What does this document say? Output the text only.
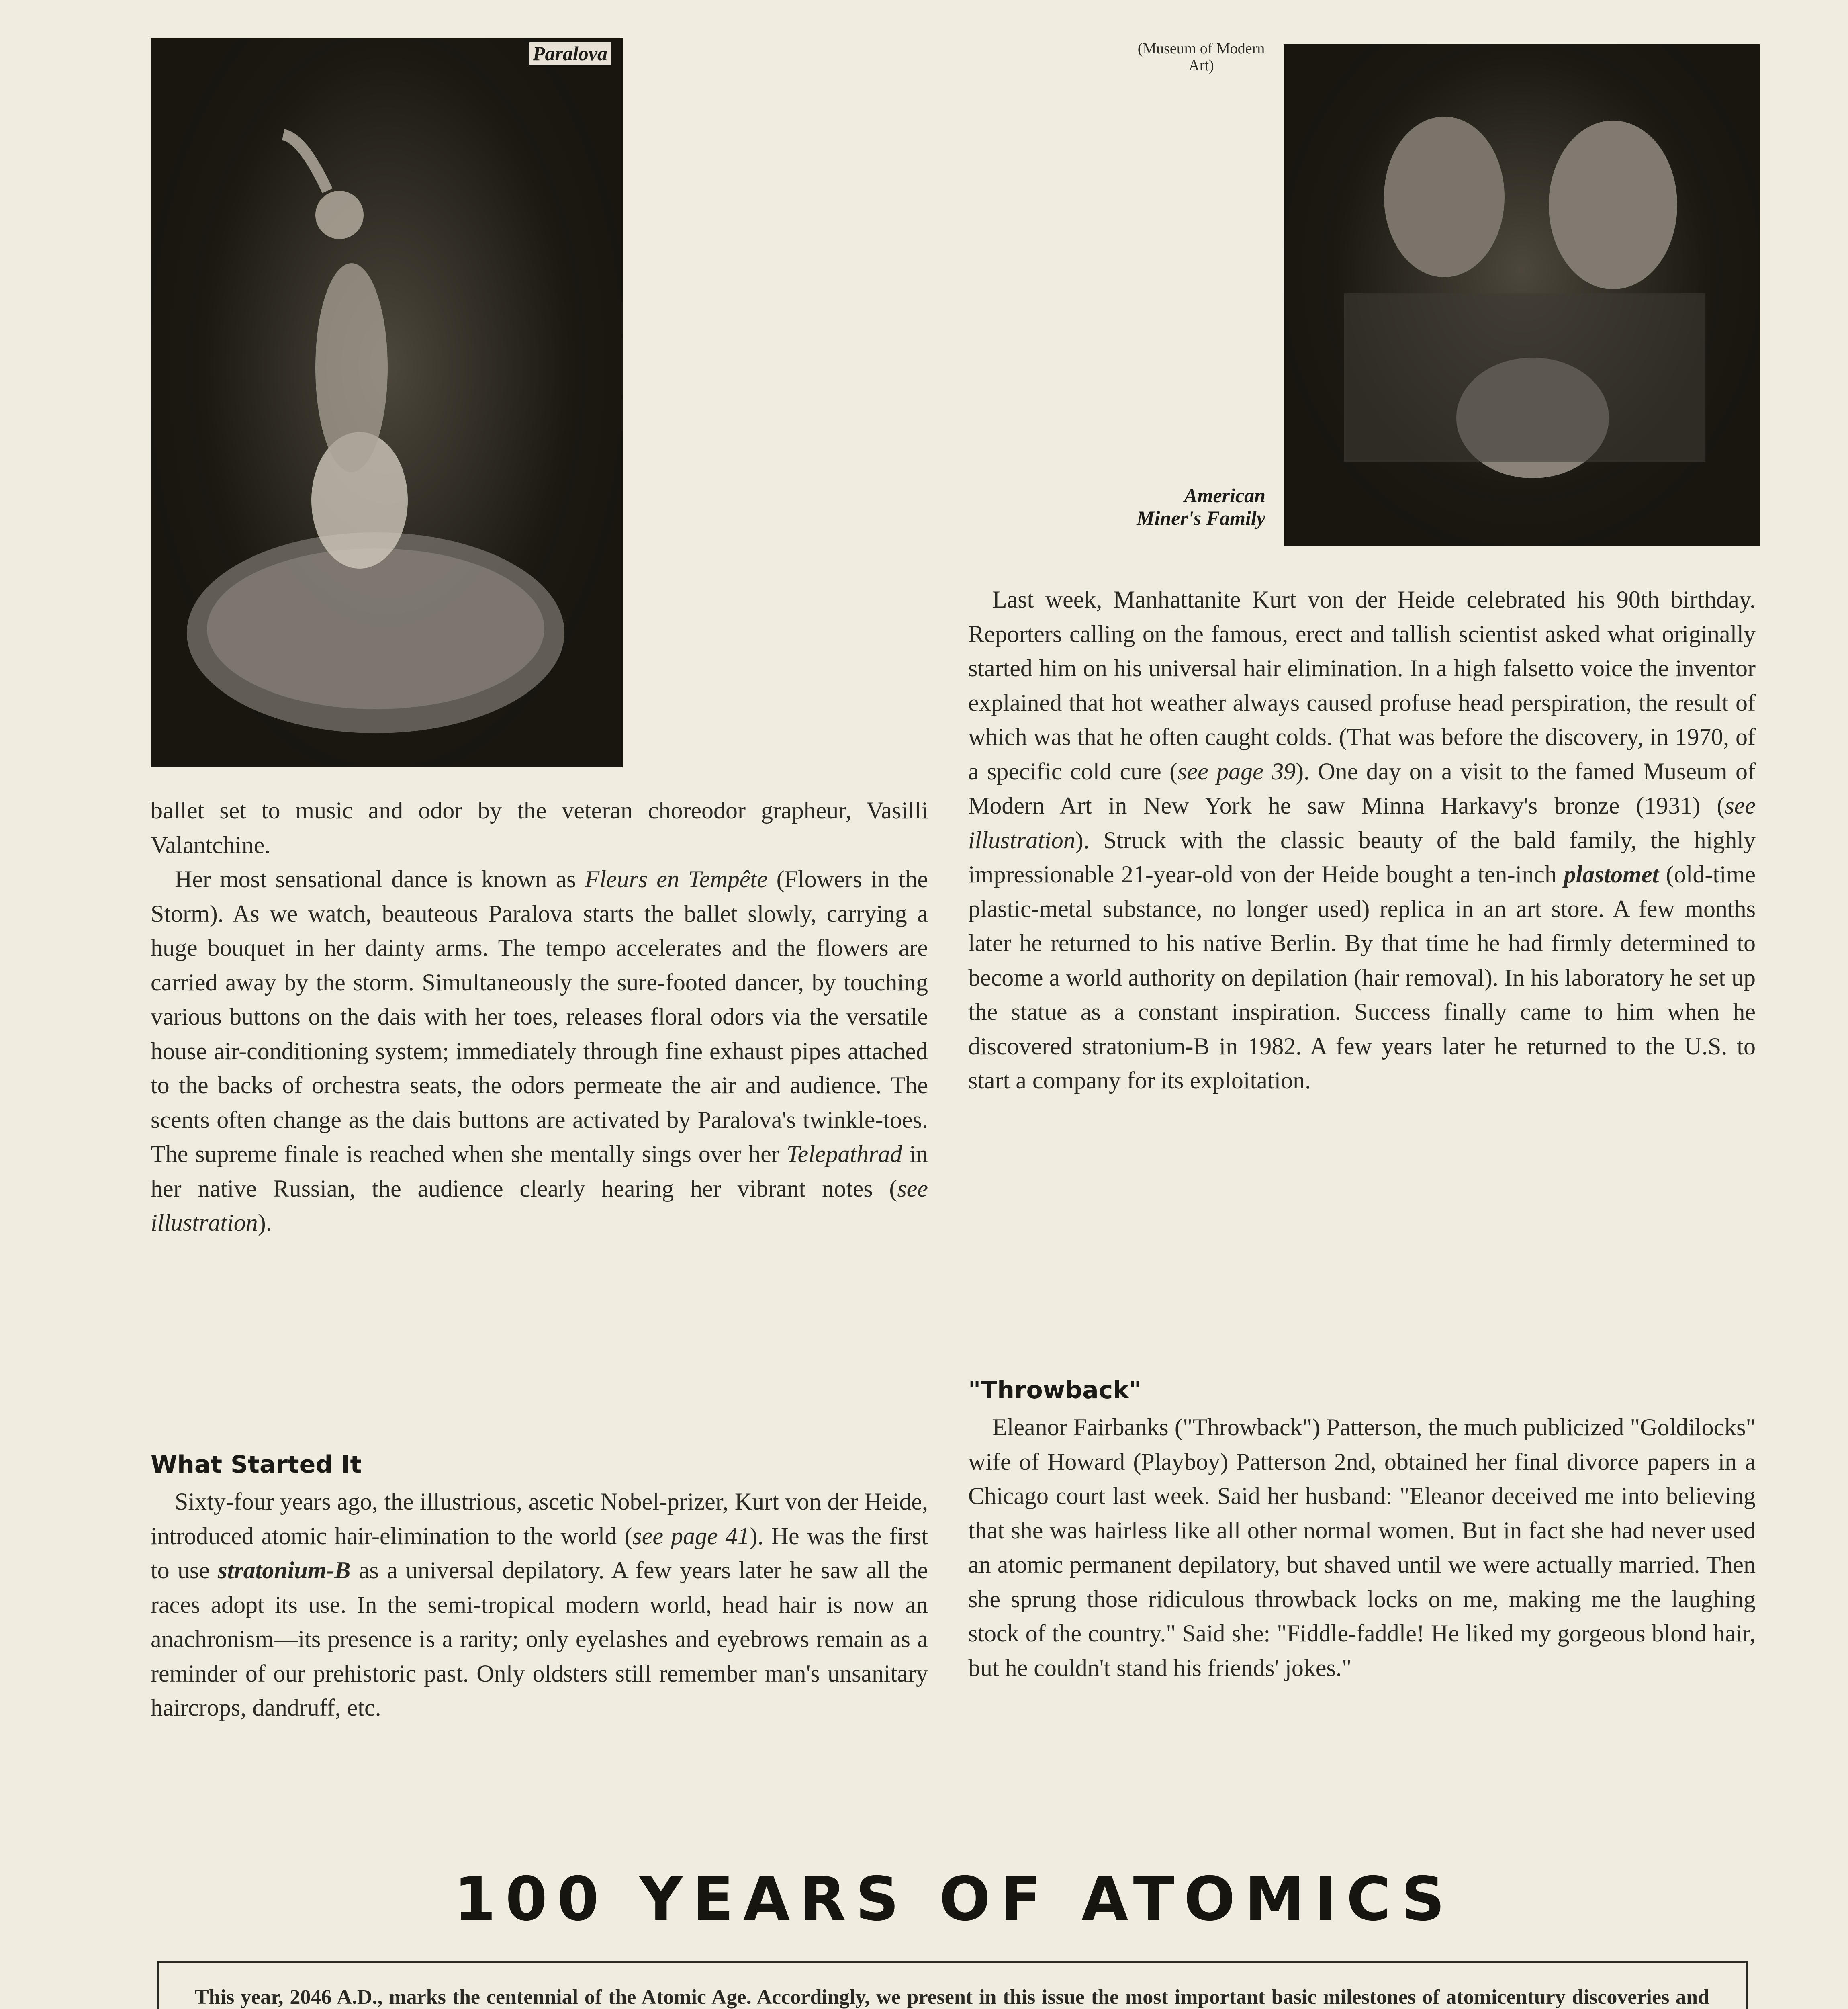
Paralova	(Museum of Modern Art)
American
Miner's Family

ballet set to music and odor by the veteran choreodor grapheur, Vasilli Valantchine.

Her most sensational dance is known as Fleurs en Tempête (Flowers in the Storm). As we watch, beauteous Paralova starts the ballet slowly, carrying a huge bouquet in her dainty arms. The tempo accelerates and the flowers are carried away by the storm. Simultaneously the sure-footed dancer, by touching various buttons on the dais with her toes, releases floral odors via the versatile house air-conditioning system; immediately through fine exhaust pipes attached to the backs of orchestra seats, the odors permeate the air and audience. The scents often change as the dais buttons are activated by Paralova's twinkle-toes. The supreme finale is reached when she mentally sings over her Telepathrad in her native Russian, the audience clearly hearing her vibrant notes (see illustration).

What Started It

Sixty-four years ago, the illustrious, ascetic Nobel-prizer, Kurt von der Heide, introduced atomic hair-elimination to the world (see page 41). He was the first to use stratonium-B as a universal depilatory. A few years later he saw all the races adopt its use. In the semi-tropical modern world, head hair is now an anachronism—its presence is a rarity; only eyelashes and eyebrows remain as a reminder of our prehistoric past. Only oldsters still remember man's unsanitary haircrops, dandruff, etc.

Last week, Manhattanite Kurt von der Heide celebrated his 90th birthday. Reporters calling on the famous, erect and tallish scientist asked what originally started him on his universal hair elimination. In a high falsetto voice the inventor explained that hot weather always caused profuse head perspiration, the result of which was that he often caught colds. (That was before the discovery, in 1970, of a specific cold cure (see page 39). One day on a visit to the famed Museum of Modern Art in New York he saw Minna Harkavy's bronze (1931) (see illustration). Struck with the classic beauty of the bald family, the highly impressionable 21-year-old von der Heide bought a ten-inch plastomet (old-time plastic-metal substance, no longer used) replica in an art store. A few months later he returned to his native Berlin. By that time he had firmly determined to become a world authority on depilation (hair removal). In his laboratory he set up the statue as a constant inspiration. Success finally came to him when he discovered stratonium-B in 1982. A few years later he returned to the U.S. to start a company for its exploitation.

"Throwback"

Eleanor Fairbanks ("Throwback") Patterson, the much publicized "Goldilocks" wife of Howard (Playboy) Patterson 2nd, obtained her final divorce papers in a Chicago court last week. Said her husband: "Eleanor deceived me into believing that she was hairless like all other normal women. But in fact she had never used an atomic permanent depilatory, but shaved until we were actually married. Then she sprung those ridiculous throwback locks on me, making me the laughing stock of the country." Said she: "Fiddle-faddle! He liked my gorgeous blond hair, but he couldn't stand his friends' jokes."

100 YEARS OF ATOMICS
This year, 2046 A.D., marks the centennial of the Atomic Age. Accordingly, we present in this issue the most important basic milestones of atomicentury discoveries and
